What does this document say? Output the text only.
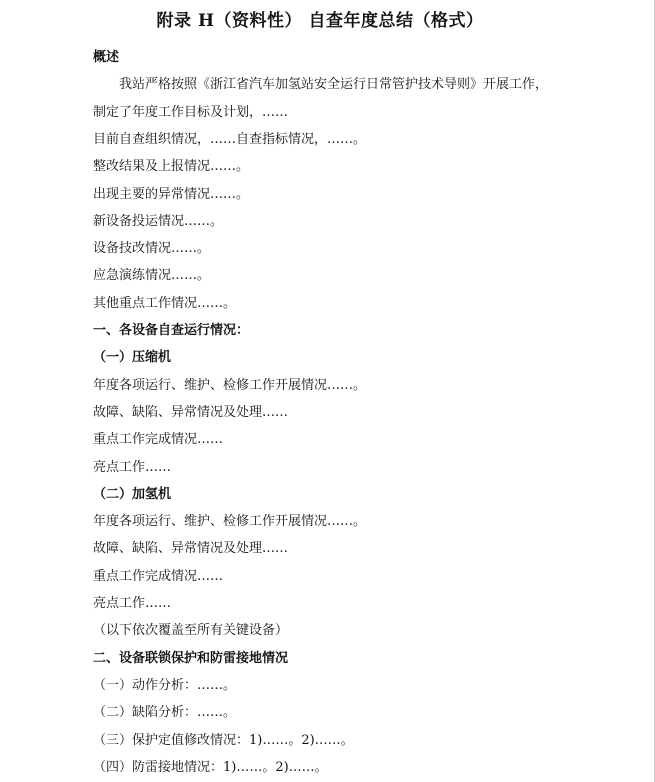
附录 H（资料性） 自查年度总结（格式）
概述
我站严格按照《浙江省汽车加氢站安全运行日常管护技术导则》开展工作，
制定了年度工作目标及计划，……
目前自查组织情况，……自查指标情况，……。
整改结果及上报情况……。
出现主要的异常情况……。
新设备投运情况……。
设备技改情况……。
应急演练情况……。
其他重点工作情况……。
一、各设备自查运行情况：
（一）压缩机
年度各项运行、维护、检修工作开展情况……。
故障、缺陷、异常情况及处理……
重点工作完成情况……
亮点工作……
（二）加氢机
年度各项运行、维护、检修工作开展情况……。
故障、缺陷、异常情况及处理……
重点工作完成情况……
亮点工作……
（以下依次覆盖至所有关键设备）
二、设备联锁保护和防雷接地情况
（一）动作分析：……。
（二）缺陷分析：……。
（三）保护定值修改情况：1)……。2)……。
（四）防雷接地情况：1)……。2)……。
